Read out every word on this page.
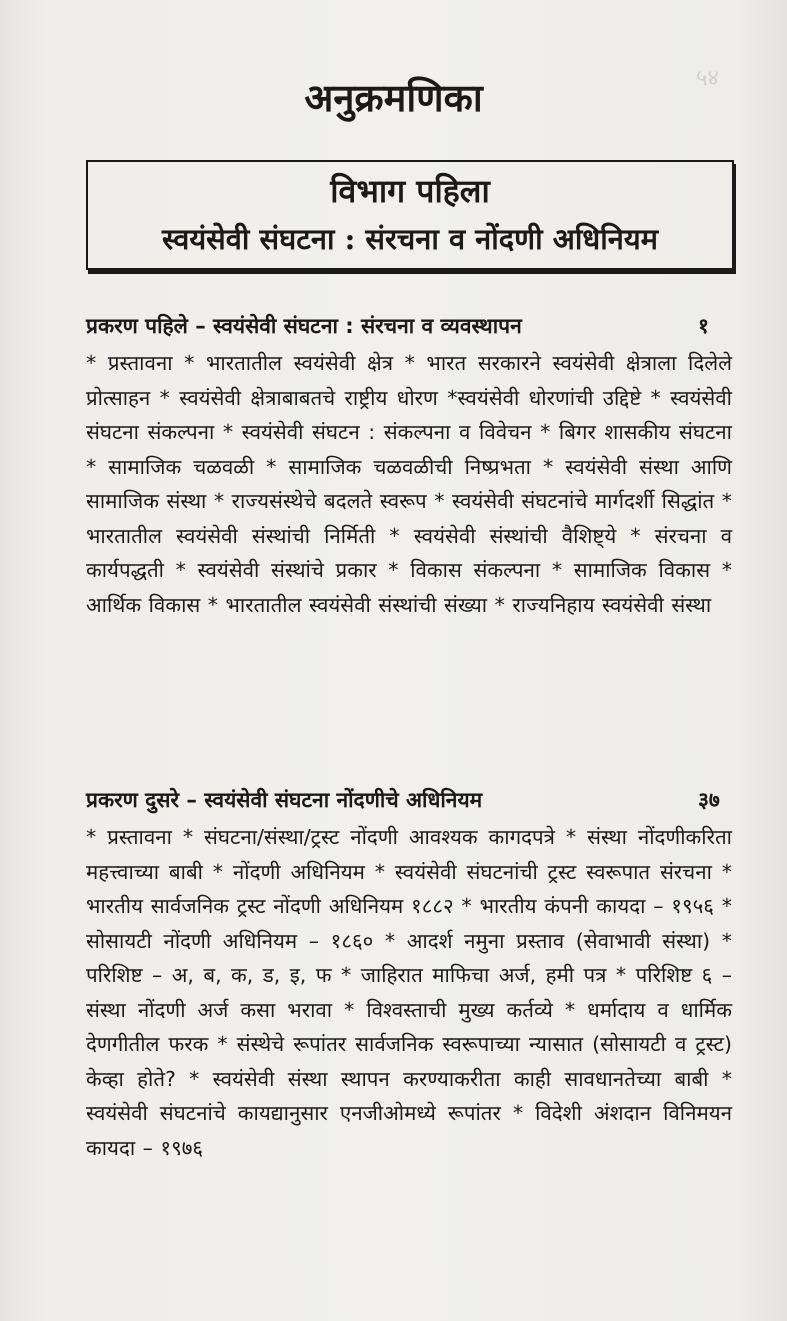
५४
अनुक्रमणिका
विभाग पहिला
स्वयंसेवी संघटना : संरचना व नोंदणी अधिनियम
प्रकरण पहिले – स्वयंसेवी संघटना : संरचना व व्यवस्थापन	१
* प्रस्तावना * भारतातील स्वयंसेवी क्षेत्र * भारत सरकारने स्वयंसेवी क्षेत्राला दिलेले प्रोत्साहन * स्वयंसेवी क्षेत्राबाबतचे राष्ट्रीय धोरण *स्वयंसेवी धोरणांची उद्दिष्टे * स्वयंसेवी संघटना संकल्पना * स्वयंसेवी संघटन : संकल्पना व विवेचन * बिगर शासकीय संघटना * सामाजिक चळवळी * सामाजिक चळवळीची निष्प्रभता * स्वयंसेवी संस्था आणि सामाजिक संस्था * राज्यसंस्थेचे बदलते स्वरूप * स्वयंसेवी संघटनांचे मार्गदर्शी सिद्धांत * भारतातील स्वयंसेवी संस्थांची निर्मिती * स्वयंसेवी संस्थांची वैशिष्ट्ये * संरचना व कार्यपद्धती * स्वयंसेवी संस्थांचे प्रकार * विकास संकल्पना * सामाजिक विकास * आर्थिक विकास * भारतातील स्वयंसेवी संस्थांची संख्या * राज्यनिहाय स्वयंसेवी संस्था
प्रकरण दुसरे – स्वयंसेवी संघटना नोंदणीचे अधिनियम	३७
* प्रस्तावना * संघटना/संस्था/ट्रस्ट नोंदणी आवश्यक कागदपत्रे * संस्था नोंदणीकरिता महत्त्वाच्या बाबी * नोंदणी अधिनियम * स्वयंसेवी संघटनांची ट्रस्ट स्वरूपात संरचना * भारतीय सार्वजनिक ट्रस्ट नोंदणी अधिनियम १८८२ * भारतीय कंपनी कायदा – १९५६ * सोसायटी नोंदणी अधिनियम – १८६० * आदर्श नमुना प्रस्ताव (सेवाभावी संस्था) * परिशिष्ट – अ, ब, क, ड, इ, फ * जाहिरात माफिचा अर्ज, हमी पत्र * परिशिष्ट ६ – संस्था नोंदणी अर्ज कसा भरावा * विश्वस्ताची मुख्य कर्तव्ये * धर्मादाय व धार्मिक देणगीतील फरक * संस्थेचे रूपांतर सार्वजनिक स्वरूपाच्या न्यासात (सोसायटी व ट्रस्ट) केव्हा होते? * स्वयंसेवी संस्था स्थापन करण्याकरीता काही सावधानतेच्या बाबी * स्वयंसेवी संघटनांचे कायद्यानुसार एनजीओमध्ये रूपांतर * विदेशी अंशदान विनिमयन कायदा – १९७६
